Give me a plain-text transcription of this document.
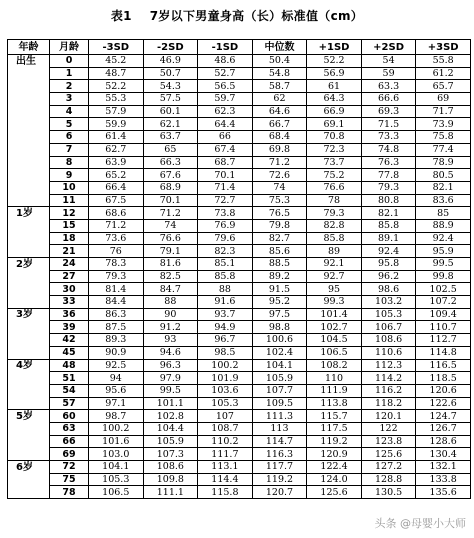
表1    7岁以下男童身高（长）标准值（cm）
年龄	月龄	-3SD	-2SD	-1SD	中位数	+1SD	+2SD	+3SD
出生	0	45.2	46.9	48.6	50.4	52.2	54	55.8
	1	48.7	50.7	52.7	54.8	56.9	59	61.2
	2	52.2	54.3	56.5	58.7	61	63.3	65.7
	3	55.3	57.5	59.7	62	64.3	66.6	69
	4	57.9	60.1	62.3	64.6	66.9	69.3	71.7
	5	59.9	62.1	64.4	66.7	69.1	71.5	73.9
	6	61.4	63.7	66	68.4	70.8	73.3	75.8
	7	62.7	65	67.4	69.8	72.3	74.8	77.4
	8	63.9	66.3	68.7	71.2	73.7	76.3	78.9
	9	65.2	67.6	70.1	72.6	75.2	77.8	80.5
	10	66.4	68.9	71.4	74	76.6	79.3	82.1
	11	67.5	70.1	72.7	75.3	78	80.8	83.6
1岁	12	68.6	71.2	73.8	76.5	79.3	82.1	85
	15	71.2	74	76.9	79.8	82.8	85.8	88.9
	18	73.6	76.6	79.6	82.7	85.8	89.1	92.4
	21	76	79.1	82.3	85.6	89	92.4	95.9
2岁	24	78.3	81.6	85.1	88.5	92.1	95.8	99.5
	27	79.3	82.5	85.8	89.2	92.7	96.2	99.8
	30	81.4	84.7	88	91.5	95	98.6	102.5
	33	84.4	88	91.6	95.2	99.3	103.2	107.2
3岁	36	86.3	90	93.7	97.5	101.4	105.3	109.4
	39	87.5	91.2	94.9	98.8	102.7	106.7	110.7
	42	89.3	93	96.7	100.6	104.5	108.6	112.7
	45	90.9	94.6	98.5	102.4	106.5	110.6	114.8
4岁	48	92.5	96.3	100.2	104.1	108.2	112.3	116.5
	51	94	97.9	101.9	105.9	110	114.2	118.5
	54	95.6	99.5	103.6	107.7	111.9	116.2	120.6
	57	97.1	101.1	105.3	109.5	113.8	118.2	122.6
5岁	60	98.7	102.8	107	111.3	115.7	120.1	124.7
	63	100.2	104.4	108.7	113	117.5	122	126.7
	66	101.6	105.9	110.2	114.7	119.2	123.8	128.6
	69	103.0	107.3	111.7	116.3	120.9	125.6	130.4
6岁	72	104.1	108.6	113.1	117.7	122.4	127.2	132.1
	75	105.3	109.8	114.4	119.2	124.0	128.8	133.8
	78	106.5	111.1	115.8	120.7	125.6	130.5	135.6
头条 @母婴小大师
